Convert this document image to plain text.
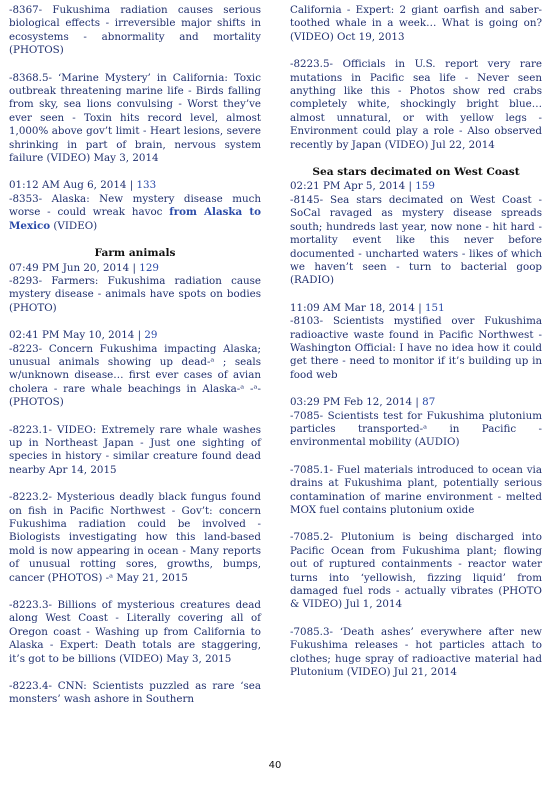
-8367- Fukushima radiation causes serious biological effects - irreversible major shifts in ecosystems - abnormality and mortality (PHOTOS)

-8368.5- ‘Marine Mystery’ in California: Toxic outbreak threatening marine life - Birds falling from sky, sea lions convulsing - Worst they’ve ever seen - Toxin hits record level, almost 1,000% above gov’t limit - Heart lesions, severe shrinking in part of brain, nervous system failure (VIDEO) May 3, 2014

01:12 AM Aug 6, 2014 | 133

-8353- Alaska: New mystery disease much worse - could wreak havoc from Alaska to Mexico (VIDEO)

Farm animals
07:49 PM Jun 20, 2014 | 129

-8293- Farmers: Fukushima radiation cause mystery disease - animals have spots on bodies (PHOTO)

02:41 PM May 10, 2014 | 29

-8223- Concern Fukushima impacting Alaska; unusual animals showing up dead-ᵃ ; seals w/unknown disease… first ever cases of avian cholera - rare whale beachings in Alaska-ᵃ -ᵃ- (PHOTOS)

-8223.1- VIDEO: Extremely rare whale washes up in Northeast Japan - Just one sighting of species in history - similar creature found dead nearby Apr 14, 2015

-8223.2- Mysterious deadly black fungus found on fish in Pacific Northwest - Gov’t: concern Fukushima radiation could be involved - Biologists investigating how this land-based mold is now appearing in ocean - Many reports of unusual rotting sores, growths, bumps, cancer (PHOTOS) -ᵃ May 21, 2015

-8223.3- Billions of mysterious creatures dead along West Coast - Literally covering all of Oregon coast - Washing up from California to Alaska - Expert: Death totals are staggering, it’s got to be billions (VIDEO) May 3, 2015

-8223.4- CNN: Scientists puzzled as rare ‘sea monsters’ wash ashore in Southern

California - Expert: 2 giant oarfish and saber-toothed whale in a week… What is going on? (VIDEO) Oct 19, 2013

-8223.5- Officials in U.S. report very rare mutations in Pacific sea life - Never seen anything like this - Photos show red crabs completely white, shockingly bright blue… almost unnatural, or with yellow legs - Environment could play a role - Also observed recently by Japan (VIDEO) Jul 22, 2014

Sea stars decimated on West Coast
02:21 PM Apr 5, 2014 | 159

-8145- Sea stars decimated on West Coast - SoCal ravaged as mystery disease spreads south; hundreds last year, now none - hit hard - mortality event like this never before documented - uncharted waters - likes of which we haven’t seen - turn to bacterial goop (RADIO)

11:09 AM Mar 18, 2014 | 151

-8103- Scientists mystified over Fukushima radioactive waste found in Pacific Northwest - Washington Official: I have no idea how it could get there - need to monitor if it’s building up in food web

03:29 PM Feb 12, 2014 | 87

-7085- Scientists test for Fukushima plutonium particles transported-ᵃ in Pacific - environmental mobility (AUDIO)

-7085.1- Fuel materials introduced to ocean via drains at Fukushima plant, potentially serious contamination of marine environment - melted MOX fuel contains plutonium oxide

-7085.2- Plutonium is being discharged into Pacific Ocean from Fukushima plant; flowing out of ruptured containments - reactor water turns into ‘yellowish, fizzing liquid’ from damaged fuel rods - actually vibrates (PHOTO & VIDEO) Jul 1, 2014

-7085.3- ‘Death ashes’ everywhere after new Fukushima releases - hot particles attach to clothes; huge spray of radioactive material had Plutonium (VIDEO) Jul 21, 2014

40
